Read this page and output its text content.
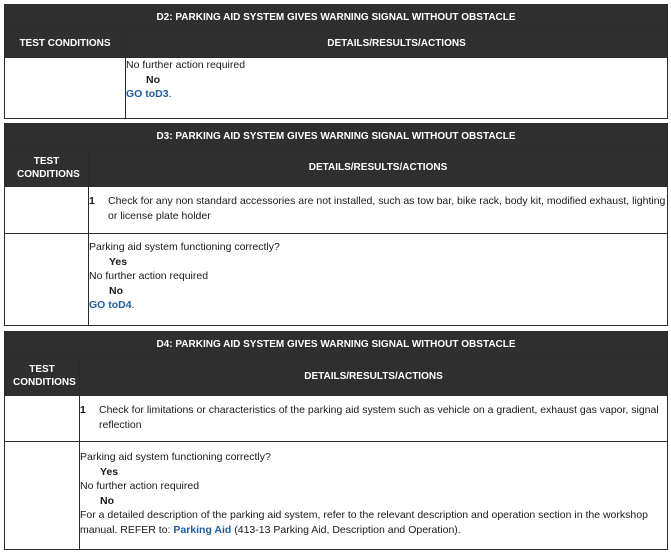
D2: PARKING AID SYSTEM GIVES WARNING SIGNAL WITHOUT OBSTACLE	
TEST CONDITIONS	DETAILS/RESULTS/ACTIONS

	No further action required
No
GO toD3.
D3: PARKING AID SYSTEM GIVES WARNING SIGNAL WITHOUT OBSTACLE	
TEST CONDITIONS	DETAILS/RESULTS/ACTIONS

	1 Check for any non standard accessories are not installed, such as tow bar, bike rack, body kit, modified exhaust, lighting or license plate holder

	Parking aid system functioning correctly?
Yes
No further action required
No
GO toD4.
D4: PARKING AID SYSTEM GIVES WARNING SIGNAL WITHOUT OBSTACLE	
TEST CONDITIONS	DETAILS/RESULTS/ACTIONS

	1 Check for limitations or characteristics of the parking aid system such as vehicle on a gradient, exhaust gas vapor, signal reflection

	Parking aid system functioning correctly?
Yes
No further action required
No
For a detailed description of the parking aid system, refer to the relevant description and operation section in the workshop manual. REFER to: Parking Aid (413-13 Parking Aid, Description and Operation).
